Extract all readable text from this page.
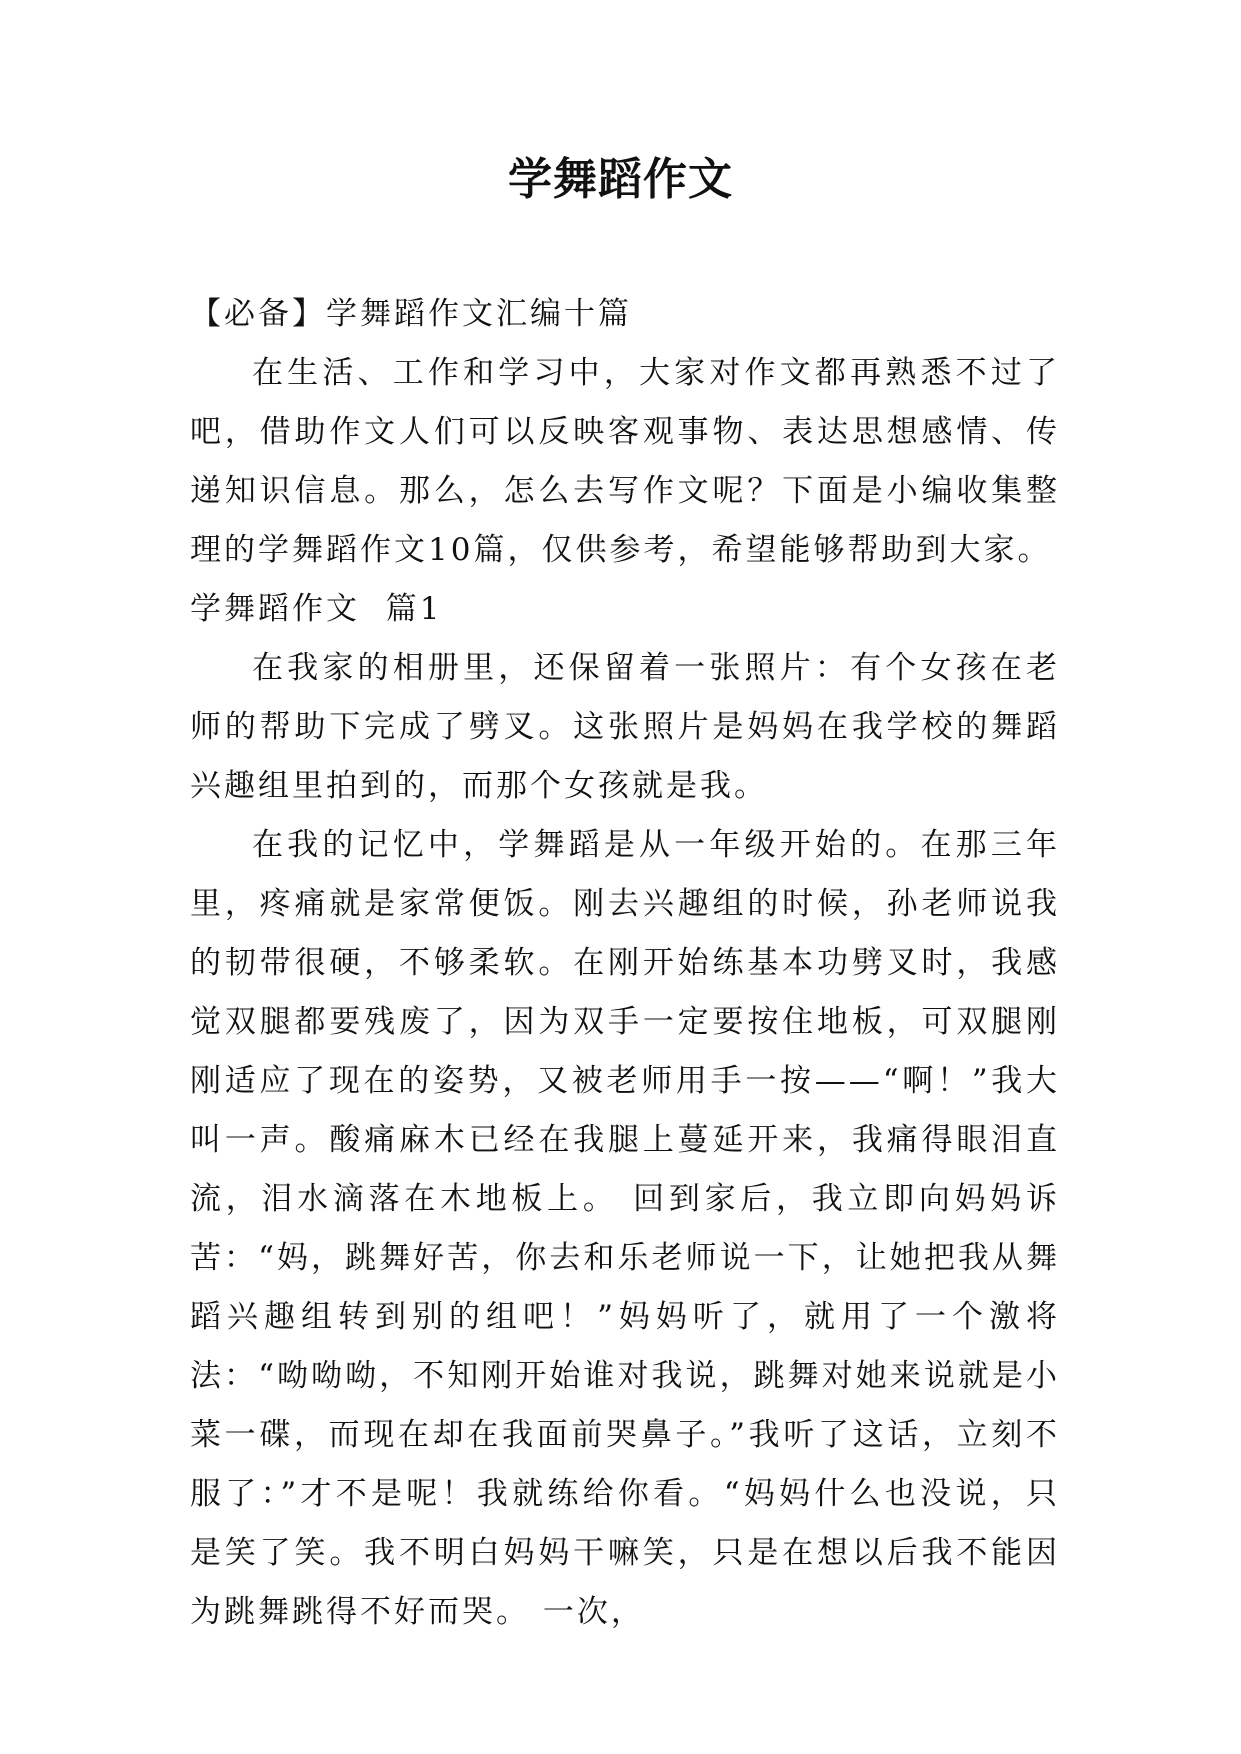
学舞蹈作文

【必备】学舞蹈作文汇编十篇

在生活、工作和学习中，大家对作文都再熟悉不过了吧，借助作文人们可以反映客观事物、表达思想感情、传递知识信息。那么，怎么去写作文呢？下面是小编收集整理的学舞蹈作文10篇，仅供参考，希望能够帮助到大家。

学舞蹈作文  篇1

在我家的相册里，还保留着一张照片：有个女孩在老师的帮助下完成了劈叉。这张照片是妈妈在我学校的舞蹈兴趣组里拍到的，而那个女孩就是我。

在我的记忆中，学舞蹈是从一年级开始的。在那三年里，疼痛就是家常便饭。刚去兴趣组的时候，孙老师说我的韧带很硬，不够柔软。在刚开始练基本功劈叉时，我感觉双腿都要残废了，因为双手一定要按住地板，可双腿刚刚适应了现在的姿势，又被老师用手一按——“啊！”我大叫一声。酸痛麻木已经在我腿上蔓延开来，我痛得眼泪直流，泪水滴落在木地板上。 回到家后，我立即向妈妈诉苦：“妈，跳舞好苦，你去和乐老师说一下，让她把我从舞蹈兴趣组转到别的组吧！”妈妈听了，就用了一个激将法：“呦呦呦，不知刚开始谁对我说，跳舞对她来说就是小菜一碟，而现在却在我面前哭鼻子。”我听了这话，立刻不服了：”才不是呢！我就练给你看。“妈妈什么也没说，只是笑了笑。我不明白妈妈干嘛笑，只是在想以后我不能因为跳舞跳得不好而哭。 一次，
